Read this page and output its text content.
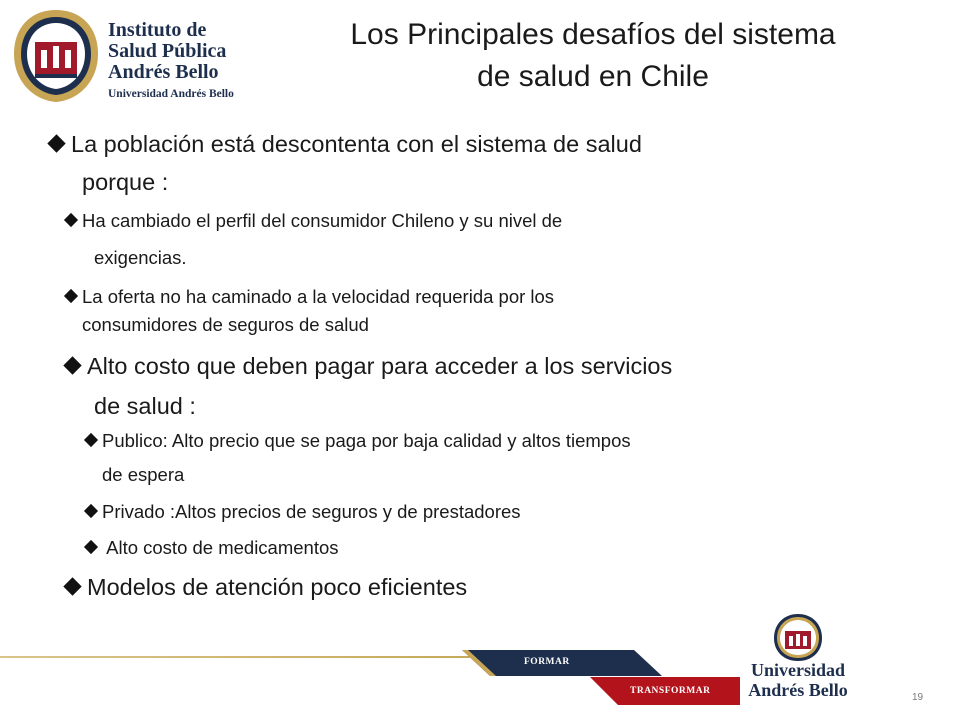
Instituto de
Salud Pública
Andrés Bello
Universidad Andrés Bello
Los Principales desafíos del sistema
de salud en Chile
La población está descontenta con el sistema de salud
porque :
Ha cambiado el perfil del consumidor Chileno y su nivel de
exigencias.
La oferta no ha caminado a la velocidad requerida por los
consumidores de seguros de salud
Alto costo que deben pagar para acceder a los servicios
de salud :
Publico: Alto precio que se paga por baja calidad y altos tiempos
de espera
Privado :Altos precios de seguros y de prestadores
Alto costo de medicamentos
Modelos de atención poco eficientes
FORMAR
TRANSFORMAR
Universidad
Andrés Bello	19
